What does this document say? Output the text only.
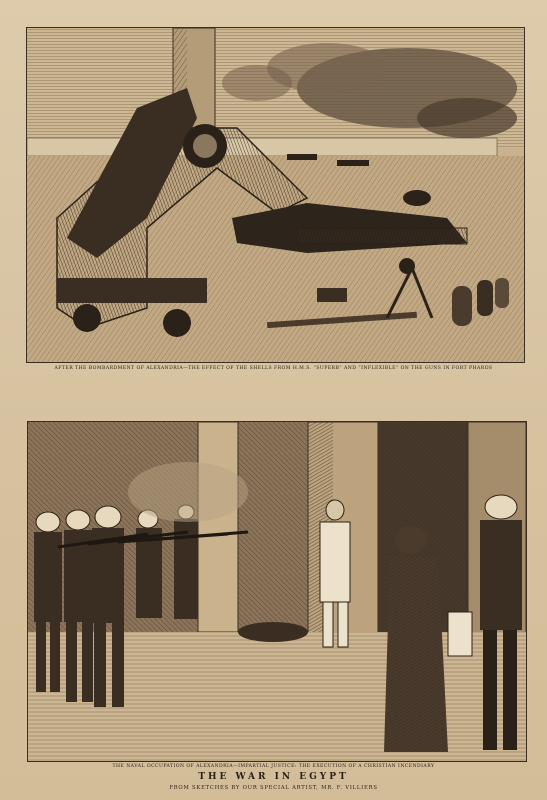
AFTER THE BOMBARDMENT OF ALEXANDRIA—THE EFFECT OF THE SHELLS FROM H.M.S. “SUPERB” AND “INFLEXIBLE” ON THE GUNS IN FORT PHAROS
THE NAVAL OCCUPATION OF ALEXANDRIA—IMPARTIAL JUSTICE: THE EXECUTION OF A CHRISTIAN INCENDIARY
THE WAR IN EGYPT
FROM SKETCHES BY OUR SPECIAL ARTIST, MR. F. VILLIERS
